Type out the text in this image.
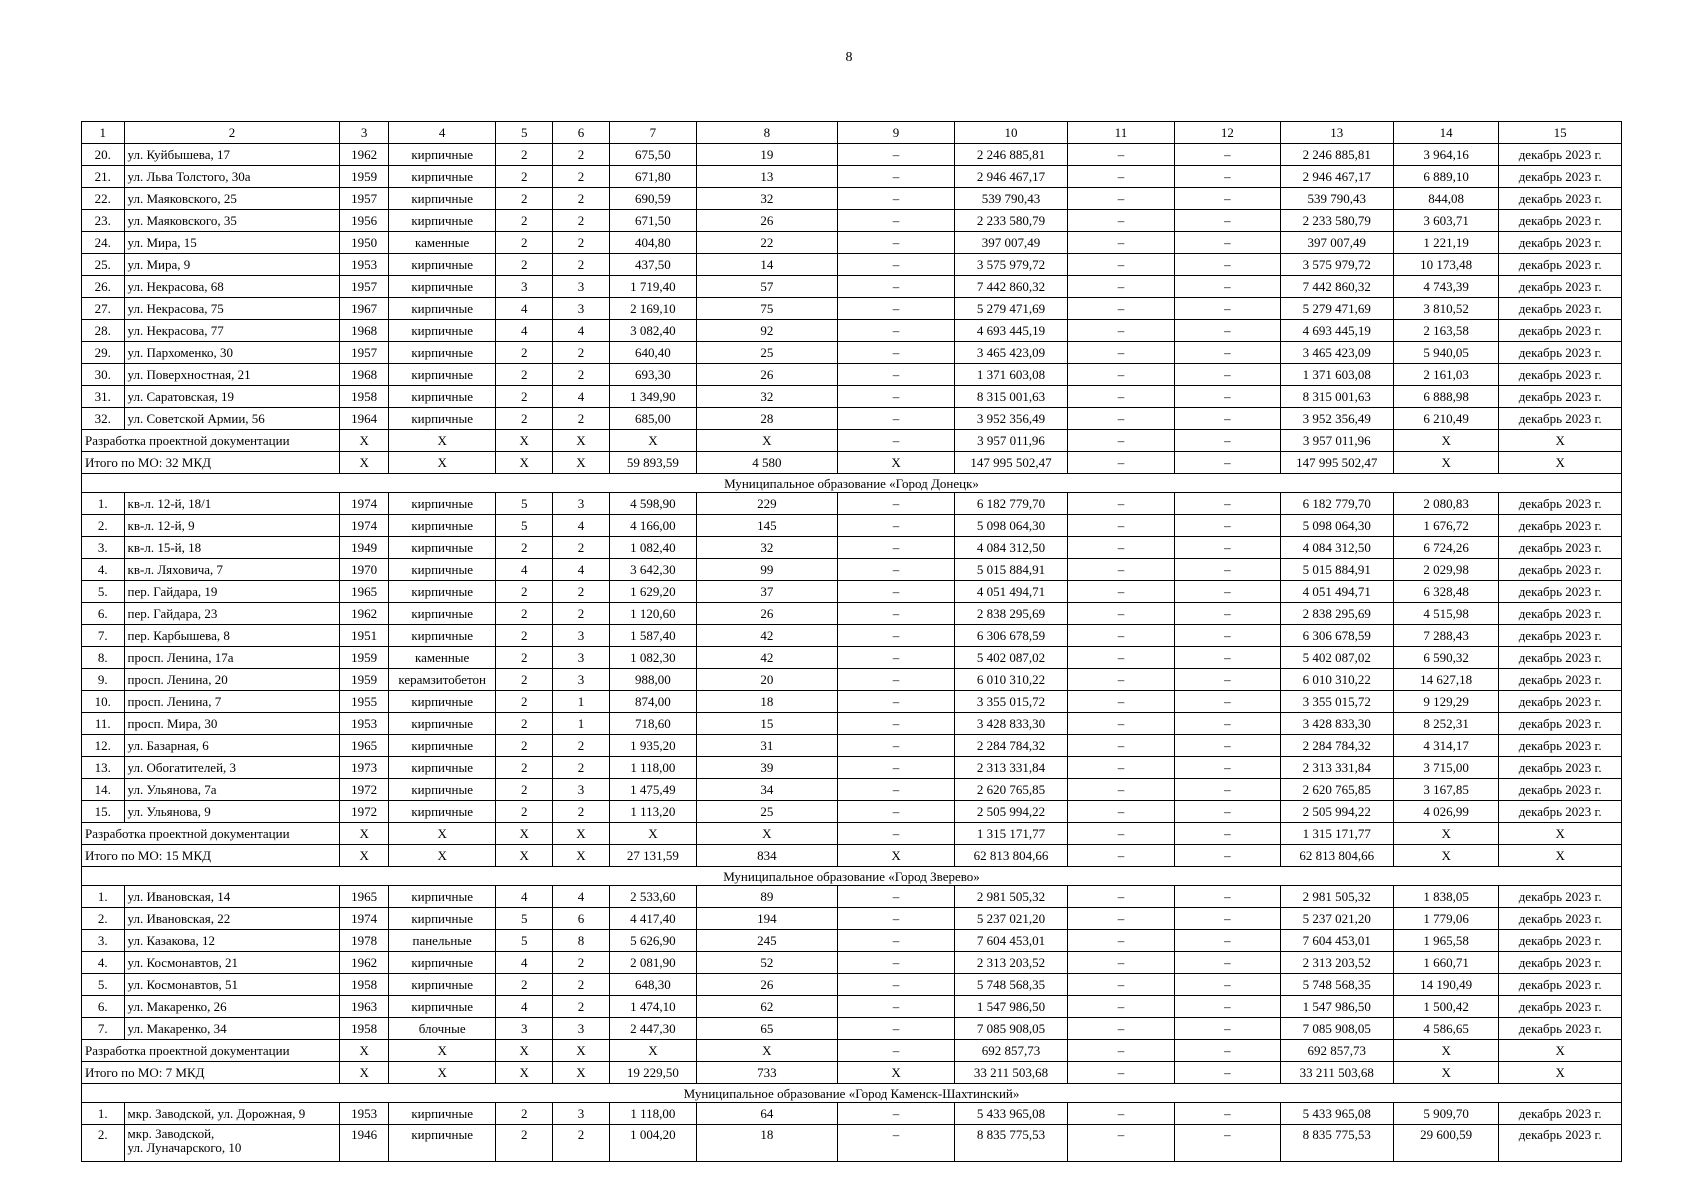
8
1	2	3	4	5	6	7	8	9	10	11	12	13	14	15
20.	ул. Куйбышева, 17	1962	кирпичные	2	2	675,50	19	–	2 246 885,81	–	–	2 246 885,81	3 964,16	декабрь 2023 г.
21.	ул. Льва Толстого, 30а	1959	кирпичные	2	2	671,80	13	–	2 946 467,17	–	–	2 946 467,17	6 889,10	декабрь 2023 г.
22.	ул. Маяковского, 25	1957	кирпичные	2	2	690,59	32	–	539 790,43	–	–	539 790,43	844,08	декабрь 2023 г.
23.	ул. Маяковского, 35	1956	кирпичные	2	2	671,50	26	–	2 233 580,79	–	–	2 233 580,79	3 603,71	декабрь 2023 г.
24.	ул. Мира, 15	1950	каменные	2	2	404,80	22	–	397 007,49	–	–	397 007,49	1 221,19	декабрь 2023 г.
25.	ул. Мира, 9	1953	кирпичные	2	2	437,50	14	–	3 575 979,72	–	–	3 575 979,72	10 173,48	декабрь 2023 г.
26.	ул. Некрасова, 68	1957	кирпичные	3	3	1 719,40	57	–	7 442 860,32	–	–	7 442 860,32	4 743,39	декабрь 2023 г.
27.	ул. Некрасова, 75	1967	кирпичные	4	3	2 169,10	75	–	5 279 471,69	–	–	5 279 471,69	3 810,52	декабрь 2023 г.
28.	ул. Некрасова, 77	1968	кирпичные	4	4	3 082,40	92	–	4 693 445,19	–	–	4 693 445,19	2 163,58	декабрь 2023 г.
29.	ул. Пархоменко, 30	1957	кирпичные	2	2	640,40	25	–	3 465 423,09	–	–	3 465 423,09	5 940,05	декабрь 2023 г.
30.	ул. Поверхностная, 21	1968	кирпичные	2	2	693,30	26	–	1 371 603,08	–	–	1 371 603,08	2 161,03	декабрь 2023 г.
31.	ул. Саратовская, 19	1958	кирпичные	2	4	1 349,90	32	–	8 315 001,63	–	–	8 315 001,63	6 888,98	декабрь 2023 г.
32.	ул. Советской Армии, 56	1964	кирпичные	2	2	685,00	28	–	3 952 356,49	–	–	3 952 356,49	6 210,49	декабрь 2023 г.
Разработка проектной документации		X	X	X	X	X	X	–	3 957 011,96	–	–	3 957 011,96	X	X
Итого по МО: 32 МКД		X	X	X	X	59 893,59	4 580	X	147 995 502,47	–	–	147 995 502,47	X	X
Муниципальное образование «Город Донецк»														
1.	кв-л. 12-й, 18/1	1974	кирпичные	5	3	4 598,90	229	–	6 182 779,70	–	–	6 182 779,70	2 080,83	декабрь 2023 г.
2.	кв-л. 12-й, 9	1974	кирпичные	5	4	4 166,00	145	–	5 098 064,30	–	–	5 098 064,30	1 676,72	декабрь 2023 г.
3.	кв-л. 15-й, 18	1949	кирпичные	2	2	1 082,40	32	–	4 084 312,50	–	–	4 084 312,50	6 724,26	декабрь 2023 г.
4.	кв-л. Ляховича, 7	1970	кирпичные	4	4	3 642,30	99	–	5 015 884,91	–	–	5 015 884,91	2 029,98	декабрь 2023 г.
5.	пер. Гайдара, 19	1965	кирпичные	2	2	1 629,20	37	–	4 051 494,71	–	–	4 051 494,71	6 328,48	декабрь 2023 г.
6.	пер. Гайдара, 23	1962	кирпичные	2	2	1 120,60	26	–	2 838 295,69	–	–	2 838 295,69	4 515,98	декабрь 2023 г.
7.	пер. Карбышева, 8	1951	кирпичные	2	3	1 587,40	42	–	6 306 678,59	–	–	6 306 678,59	7 288,43	декабрь 2023 г.
8.	просп. Ленина, 17а	1959	каменные	2	3	1 082,30	42	–	5 402 087,02	–	–	5 402 087,02	6 590,32	декабрь 2023 г.
9.	просп. Ленина, 20	1959	керамзитобетон	2	3	988,00	20	–	6 010 310,22	–	–	6 010 310,22	14 627,18	декабрь 2023 г.
10.	просп. Ленина, 7	1955	кирпичные	2	1	874,00	18	–	3 355 015,72	–	–	3 355 015,72	9 129,29	декабрь 2023 г.
11.	просп. Мира, 30	1953	кирпичные	2	1	718,60	15	–	3 428 833,30	–	–	3 428 833,30	8 252,31	декабрь 2023 г.
12.	ул. Базарная, 6	1965	кирпичные	2	2	1 935,20	31	–	2 284 784,32	–	–	2 284 784,32	4 314,17	декабрь 2023 г.
13.	ул. Обогатителей, 3	1973	кирпичные	2	2	1 118,00	39	–	2 313 331,84	–	–	2 313 331,84	3 715,00	декабрь 2023 г.
14.	ул. Ульянова, 7а	1972	кирпичные	2	3	1 475,49	34	–	2 620 765,85	–	–	2 620 765,85	3 167,85	декабрь 2023 г.
15.	ул. Ульянова, 9	1972	кирпичные	2	2	1 113,20	25	–	2 505 994,22	–	–	2 505 994,22	4 026,99	декабрь 2023 г.
Разработка проектной документации		X	X	X	X	X	X	–	1 315 171,77	–	–	1 315 171,77	X	X
Итого по МО: 15 МКД		X	X	X	X	27 131,59	834	X	62 813 804,66	–	–	62 813 804,66	X	X
Муниципальное образование «Город Зверево»														
1.	ул. Ивановская, 14	1965	кирпичные	4	4	2 533,60	89	–	2 981 505,32	–	–	2 981 505,32	1 838,05	декабрь 2023 г.
2.	ул. Ивановская, 22	1974	кирпичные	5	6	4 417,40	194	–	5 237 021,20	–	–	5 237 021,20	1 779,06	декабрь 2023 г.
3.	ул. Казакова, 12	1978	панельные	5	8	5 626,90	245	–	7 604 453,01	–	–	7 604 453,01	1 965,58	декабрь 2023 г.
4.	ул. Космонавтов, 21	1962	кирпичные	4	2	2 081,90	52	–	2 313 203,52	–	–	2 313 203,52	1 660,71	декабрь 2023 г.
5.	ул. Космонавтов, 51	1958	кирпичные	2	2	648,30	26	–	5 748 568,35	–	–	5 748 568,35	14 190,49	декабрь 2023 г.
6.	ул. Макаренко, 26	1963	кирпичные	4	2	1 474,10	62	–	1 547 986,50	–	–	1 547 986,50	1 500,42	декабрь 2023 г.
7.	ул. Макаренко, 34	1958	блочные	3	3	2 447,30	65	–	7 085 908,05	–	–	7 085 908,05	4 586,65	декабрь 2023 г.
Разработка проектной документации		X	X	X	X	X	X	–	692 857,73	–	–	692 857,73	X	X
Итого по МО: 7 МКД		X	X	X	X	19 229,50	733	X	33 211 503,68	–	–	33 211 503,68	X	X
Муниципальное образование «Город Каменск-Шахтинский»														
1.	мкр. Заводской, ул. Дорожная, 9	1953	кирпичные	2	3	1 118,00	64	–	5 433 965,08	–	–	5 433 965,08	5 909,70	декабрь 2023 г.
2.	мкр. Заводской,
ул. Луначарского, 10	1946	кирпичные	2	2	1 004,20	18	–	8 835 775,53	–	–	8 835 775,53	29 600,59	декабрь 2023 г.
